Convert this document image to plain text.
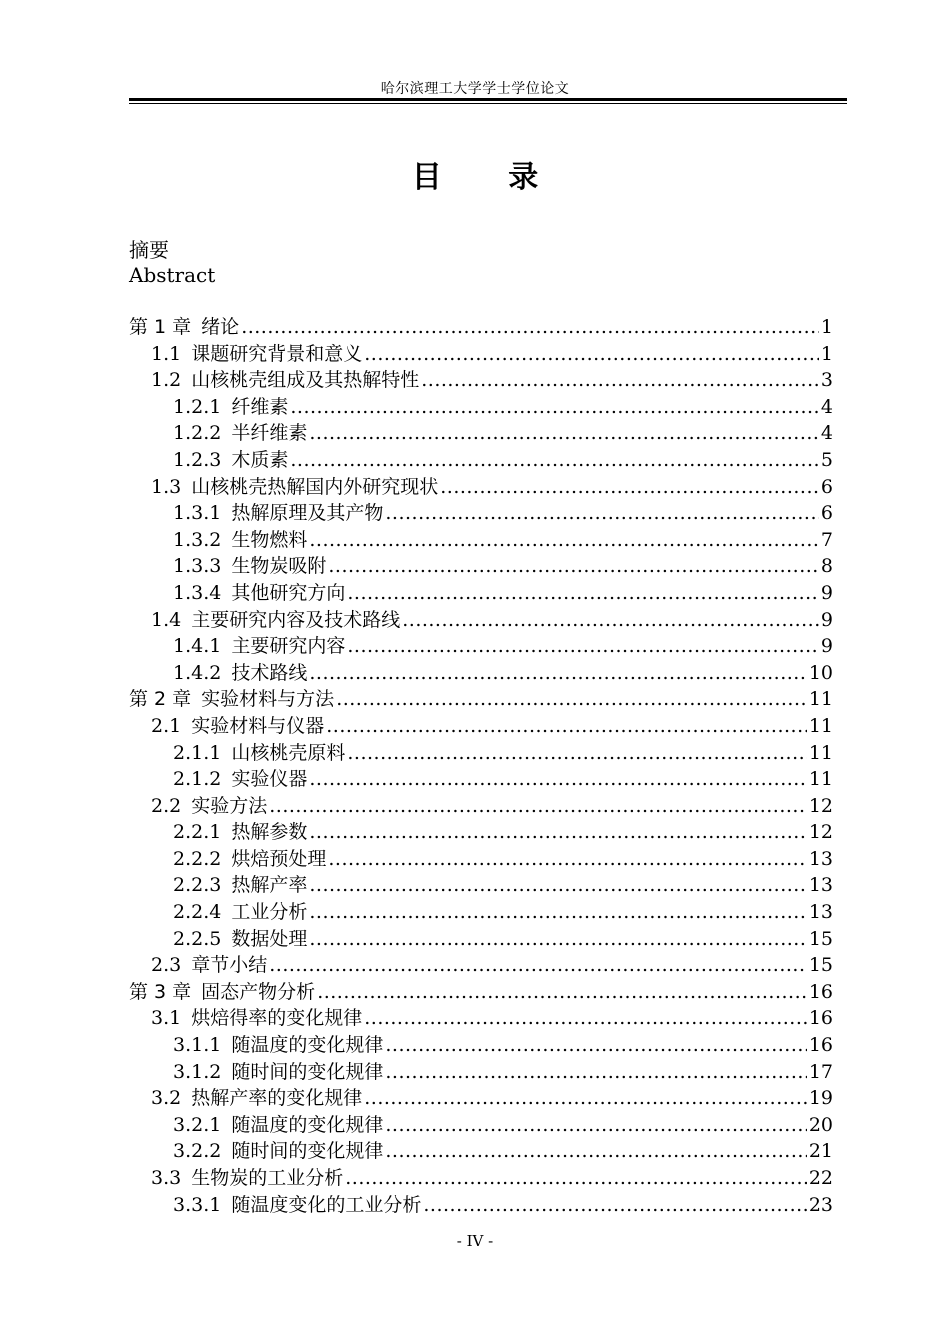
哈尔滨理工大学学士学位论文
目 录
摘要
Abstract
第 1 章 绪论 .....	1
1.1 课题研究背景和意义 .....	1
1.2 山核桃壳组成及其热解特性 .....	3
1.2.1 纤维素 .....	4
1.2.2 半纤维素 .....	4
1.2.3 木质素 .....	5
1.3 山核桃壳热解国内外研究现状 .....	6
1.3.1 热解原理及其产物 .....	6
1.3.2 生物燃料 .....	7
1.3.3 生物炭吸附 .....	8
1.3.4 其他研究方向 .....	9
1.4 主要研究内容及技术路线 .....	9
1.4.1 主要研究内容 .....	9
1.4.2 技术路线 .....	10
第 2 章 实验材料与方法 .....	11
2.1 实验材料与仪器 .....	11
2.1.1 山核桃壳原料 .....	11
2.1.2 实验仪器 .....	11
2.2 实验方法 .....	12
2.2.1 热解参数 .....	12
2.2.2 烘焙预处理 .....	13
2.2.3 热解产率 .....	13
2.2.4 工业分析 .....	13
2.2.5 数据处理 .....	15
2.3 章节小结 .....	15
第 3 章 固态产物分析 .....	16
3.1 烘焙得率的变化规律 .....	16
3.1.1 随温度的变化规律 .....	16
3.1.2 随时间的变化规律 .....	17
3.2 热解产率的变化规律 .....	19
3.2.1 随温度的变化规律 .....	20
3.2.2 随时间的变化规律 .....	21
3.3 生物炭的工业分析 .....	22
3.3.1 随温度变化的工业分析 .....	23
- IV -
